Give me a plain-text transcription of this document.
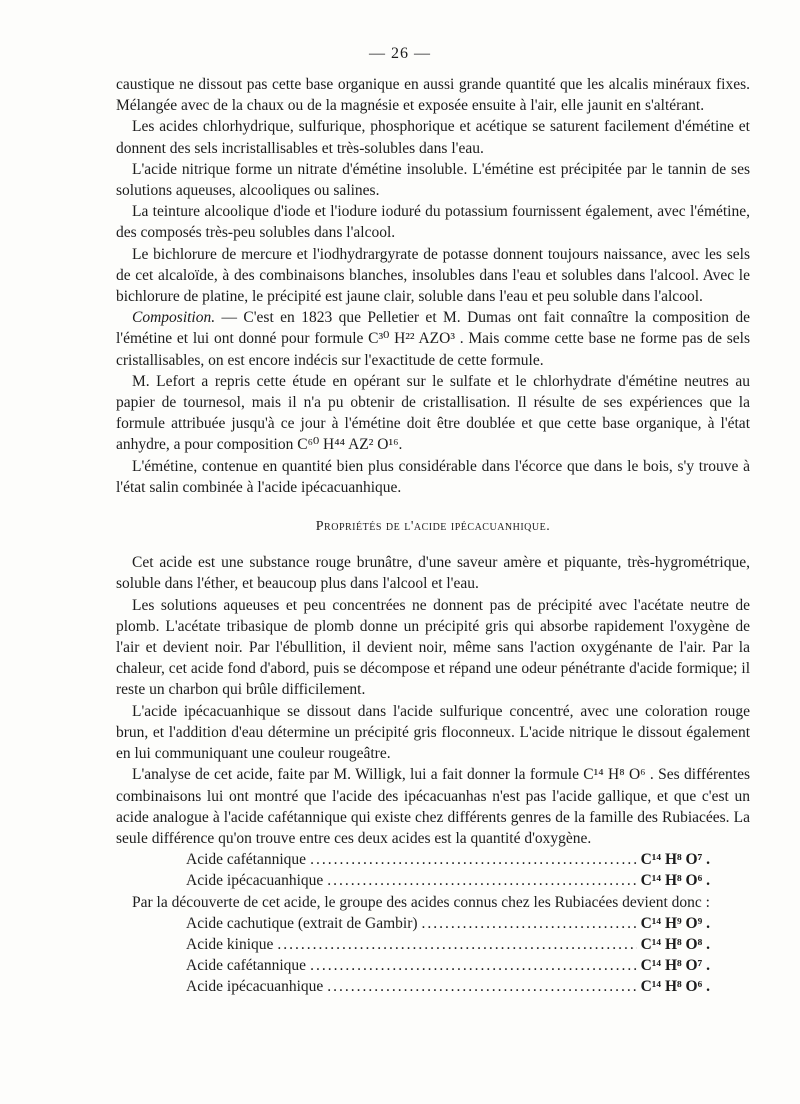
— 26 —

caustique ne dissout pas cette base organique en aussi grande quantité que les alcalis minéraux fixes. Mélangée avec de la chaux ou de la magnésie et exposée ensuite à l'air, elle jaunit en s'altérant.

Les acides chlorhydrique, sulfurique, phosphorique et acétique se saturent facilement d'émétine et donnent des sels incristallisables et très-solubles dans l'eau.

L'acide nitrique forme un nitrate d'émétine insoluble. L'émétine est précipitée par le tannin de ses solutions aqueuses, alcooliques ou salines.

La teinture alcoolique d'iode et l'iodure ioduré du potassium fournissent également, avec l'émétine, des composés très-peu solubles dans l'alcool.

Le bichlorure de mercure et l'iodhydrargyrate de potasse donnent toujours naissance, avec les sels de cet alcaloïde, à des combinaisons blanches, insolubles dans l'eau et solubles dans l'alcool. Avec le bichlorure de platine, le précipité est jaune clair, soluble dans l'eau et peu soluble dans l'alcool.

Composition. — C'est en 1823 que Pelletier et M. Dumas ont fait connaître la composition de l'émétine et lui ont donné pour formule C³⁰ H²² AZO³ . Mais comme cette base ne forme pas de sels cristallisables, on est encore indécis sur l'exactitude de cette formule.

M. Lefort a repris cette étude en opérant sur le sulfate et le chlorhydrate d'émétine neutres au papier de tournesol, mais il n'a pu obtenir de cristallisation. Il résulte de ses expériences que la formule attribuée jusqu'à ce jour à l'émétine doit être doublée et que cette base organique, à l'état anhydre, a pour composition C⁶⁰ H⁴⁴ AZ² O¹⁶.

L'émétine, contenue en quantité bien plus considérable dans l'écorce que dans le bois, s'y trouve à l'état salin combinée à l'acide ipécacuanhique.

Propriétés de l'acide ipécacuanhique.

Cet acide est une substance rouge brunâtre, d'une saveur amère et piquante, très-hygrométrique, soluble dans l'éther, et beaucoup plus dans l'alcool et l'eau.

Les solutions aqueuses et peu concentrées ne donnent pas de précipité avec l'acétate neutre de plomb. L'acétate tribasique de plomb donne un précipité gris qui absorbe rapidement l'oxygène de l'air et devient noir. Par l'ébullition, il devient noir, même sans l'action oxygénante de l'air. Par la chaleur, cet acide fond d'abord, puis se décompose et répand une odeur pénétrante d'acide formique; il reste un charbon qui brûle difficilement.

L'acide ipécacuanhique se dissout dans l'acide sulfurique concentré, avec une coloration rouge brun, et l'addition d'eau détermine un précipité gris floconneux. L'acide nitrique le dissout également en lui communiquant une couleur rougeâtre.

L'analyse de cet acide, faite par M. Willigk, lui a fait donner la formule C¹⁴ H⁸ O⁶ . Ses différentes combinaisons lui ont montré que l'acide des ipécacuanhas n'est pas l'acide gallique, et que c'est un acide analogue à l'acide cafétannique qui existe chez différents genres de la famille des Rubiacées. La seule différence qu'on trouve entre ces deux acides est la quantité d'oxygène.

Acide cafétannique .....	C¹⁴ H⁸ O⁷ .
Acide ipécacuanhique .....	C¹⁴ H⁸ O⁶ .

Par la découverte de cet acide, le groupe des acides connus chez les Rubiacées devient donc :

Acide cachutique (extrait de Gambir) .....	C¹⁴ H⁹ O⁹ .
Acide kinique .....	C¹⁴ H⁸ O⁸ .
Acide cafétannique .....	C¹⁴ H⁸ O⁷ .
Acide ipécacuanhique .....	C¹⁴ H⁸ O⁶ .
